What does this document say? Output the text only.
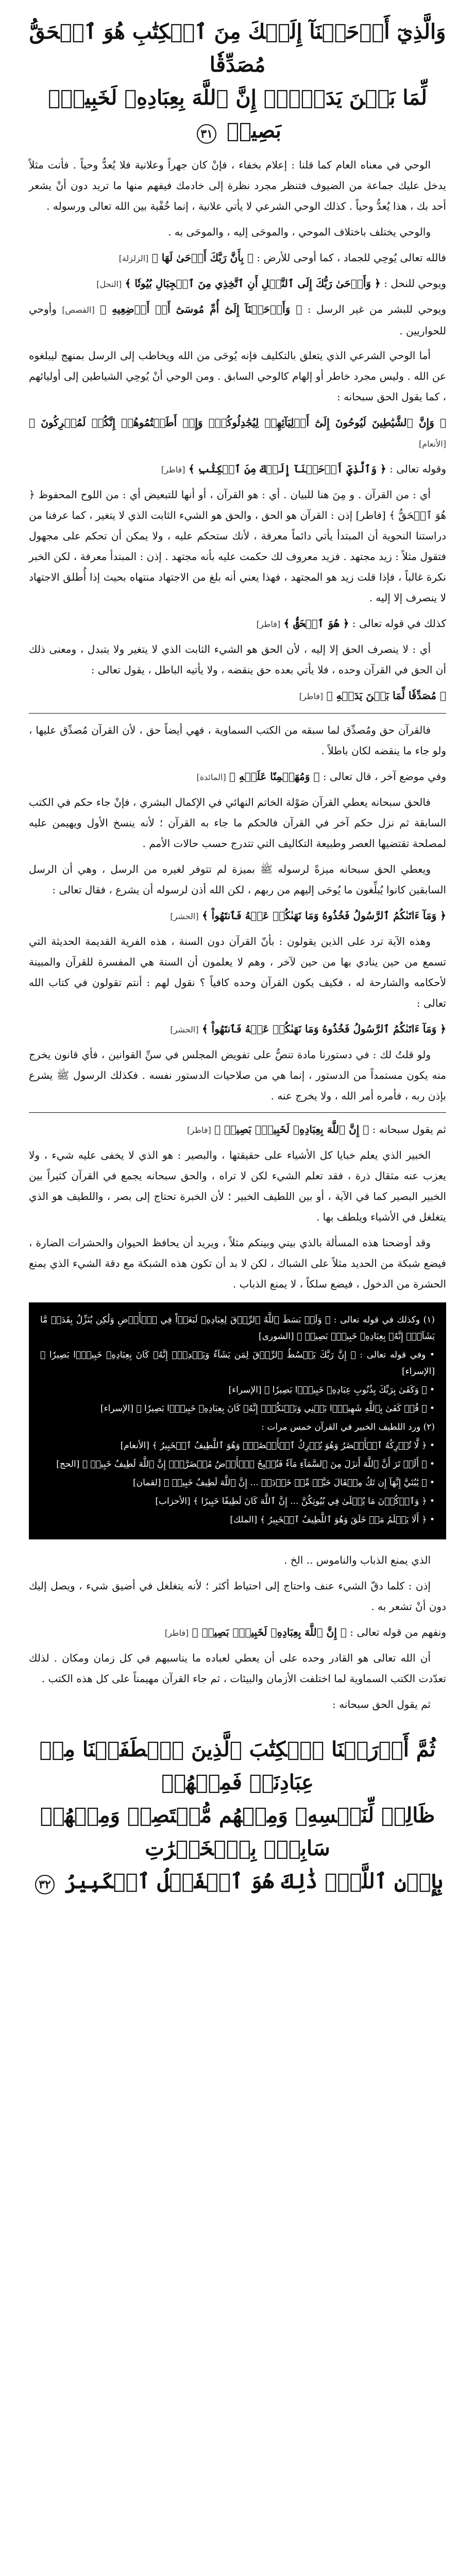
وَالَّذِيٓ أَوۡحَيۡنَآ إِلَيۡكَ مِنَ ٱلۡكِتَٰبِ هُوَ ٱلۡحَقُّ مُصَدِّقٗا
لِّمَا بَيۡنَ يَدَيۡهِۗ إِنَّ ٱللَّهَ بِعِبَادِهِۦ لَخَبِيرُۢ بَصِيرٞ ٣١

الوحي في معناه العام كما قلنا : إعلام بخفاء ، فإنْ كان جهراً وعلانية فلا يُعدُّ وحياً . فأنت مثلاً يدخل عليك جماعة من الضيوف فتنظر مجرد نظرة إلى خادمك فيفهم منها ما تريد دون أنْ يشعر أحد بك ، هذا يُعدُّ وحياً . كذلك الوحي الشرعي لا يأتي علانية ، إنما خُفْية بين الله تعالى ورسوله .

والوحي يختلف باختلاف الموحي ، والموحَى إليه ، والموحَى به .

فالله تعالى يُوحِي للجماد ، كما أوحى للأرض : ﴿ بِأَنَّ رَبَّكَ أَوۡحَىٰ لَهَا ﴾ [الزلزلة]

ويوحي للنحل : ﴿ وَأَوۡحَىٰ رَبُّكَ إِلَى ٱلنَّحۡلِ أَنِ ٱتَّخِذِي مِنَ ٱلۡجِبَالِ بُيُوتٗا ﴾ [النحل]

ويوحي للبشر من غير الرسل : ﴿ وَأَوۡحَيۡنَآ إِلَىٰٓ أُمِّ مُوسَىٰٓ أَنۡ أَرۡضِعِيهِ ﴾ [القصص] وأوحي للحواريين .

أما الوحي الشرعي الذي يتعلق بالتكليف فإنه يُوحَى من الله ويخاطب إلى الرسل بمنهج ليبلغوه عن الله . وليس مجرد خاطر أو إلهام كالوحي السابق . ومن الوحي أنْ يُوحِي الشياطين إلى أوليائهم ، كما يقول الحق سبحانه :

﴿ وَإِنَّ ٱلشَّيَٰطِينَ لَيُوحُونَ إِلَىٰٓ أَوۡلِيَآئِهِمۡ لِيُجَٰدِلُوكُمۡۖ وَإِنۡ أَطَعۡتُمُوهُمۡ إِنَّكُمۡ لَمُشۡرِكُونَ ﴾ [الأنعام]

وقوله تعالى : ﴿ وَٱلَّذِيٓ أَوۡحَيۡنَآ إِلَيۡكَ مِنَ ٱلۡكِتَٰبِ ﴾ [فاطر]

أي : من القرآن . و مِنَ هنا للبيان . أي : هو القرآن ، أو أنها للتبعيض أي : من اللوح المحفوظ ﴿ هُوَ ٱلۡحَقُّ ﴾ [فاطر] إذن : القرآن هو الحق ، والحق هو الشيء الثابت الذي لا يتغير ، كما عرفنا من دراستنا النحوية أن المبتدأ يأتي دائماً معرفة ، لأنك ستحكم عليه ، ولا يمكن أن تحكم على مجهول فتقول مثلاً : زيد مجتهد . فزيد معروف لك حكمت عليه بأنه مجتهد . إذن : المبتدأ معرفة ، لكن الخبر نكرة غالباً ، فإذا قلت زيد هو المجتهد ، فهذا يعني أنه بلغ من الاجتهاد منتهاه بحيث إذا أُطلق الاجتهاد لا ينصرف إلا إليه .

كذلك في قوله تعالى : ﴿ هُوَ ٱلۡحَقُّ ﴾ [فاطر]

أي : لا ينصرف الحق إلا إليه ، لأن الحق هو الشيء الثابت الذي لا يتغير ولا يتبدل ، ومعنى ذلك أن الحق في القرآن وحده ، فلا يأتي بعده حق ينقضه ، ولا يأتيه الباطل ، يقول تعالى :

﴿ مُصَدِّقٗا لِّمَا بَيۡنَ يَدَيۡهِ ﴾ [فاطر]

فالقرآن حق ومُصدِّق لما سبقه من الكتب السماوية ، فهي أيضاً حق ، لأن القرآن مُصدِّق عليها ، ولو جاء ما ينقضه لكان باطلاً .

وفي موضع آخر ، قال تعالى : ﴿ وَمُهَيۡمِنًا عَلَيۡهِ ﴾ [المائدة]

فالحق سبحانه يعطي القرآن صَوْلة الخاتم النهائي في الإكمال البشري ، فإنْ جاء حكم في الكتب السابقة ثم نزل حكم آخر في القرآن فالحكم ما جاء به القرآن ؛ لأنه ينسخ الأول ويهيمن عليه لمصلحة تقتضيها العصر وطبيعة التكاليف التي تتدرج حسب حالات الأمم .

ويعطي الحق سبحانه ميزةً لرسوله ﷺ بميزة لم تتوفر لغيره من الرسل ، وهي أن الرسل السابقين كانوا يُبلِّغون ما يُوحَى إليهم من ربهم ، لكن الله أذن لرسوله أن يشرع ، فقال تعالى :

﴿ وَمَآ ءَاتَىٰكُمُ ٱلرَّسُولُ فَخُذُوهُ وَمَا نَهَىٰكُمۡ عَنۡهُ فَٱنتَهُواْ ﴾ [الحشر]

وهذه الآية ترد على الذين يقولون : بأنّ القرآن دون السنة ، هذه الفرية القديمة الحديثة التي تسمع من حين ينادي بها من حين لآخر ، وهم لا يعلمون أن السنة هي المفسرة للقرآن والمبينة لأحكامه والشارحة له ، فكيف يكون القرآن وحده كافياً ؟ نقول لهم : أنتم تقولون في كتاب الله تعالى :

﴿ وَمَآ ءَاتَىٰكُمُ ٱلرَّسُولُ فَخُذُوهُ وَمَا نَهَىٰكُمۡ عَنۡهُ فَٱنتَهُواْ ﴾ [الحشر]

ولو قلتُ لك : في دستورنا مادة تنصُّ على تفويض المجلس في سنِّ القوانين ، فأي قانون يخرج منه يكون مستمداً من الدستور ، إنما هي من صلاحيات الدستور نفسه . فكذلك الرسول ﷺ يشرع بإذن ربه ، فأمره أمر الله ، ولا يخرج عنه .

ثم يقول سبحانه : ﴿ إِنَّ ٱللَّهَ بِعِبَادِهِۦ لَخَبِيرُۢ بَصِيرٞ ﴾ [فاطر]

الخبير الذي يعلم خبايا كل الأشياء على حقيقتها ، والبصير : هو الذي لا يخفى عليه شيء ، ولا يعزب عنه مثقال ذرة ، فقد تعلم الشيء لكن لا تراه ، والحق سبحانه يجمع في القرآن كثيراً بين الخبير البصير كما في الآية ، أو بين اللطيف الخبير ؛ لأن الخبرة تحتاج إلى بصر ، واللطيف هو الذي يتغلغل في الأشياء ويلطف بها .

وقد أوضحنا هذه المسألة بالذي بيني وبينكم مثلاً ، ويريد أن يحافظ الحيوان والحشرات الضارة ، فيضع شبكة من الحديد مثلاً على الشباك ، لكن لا بد أن تكون هذه الشبكة مع دقة الشيء الذي يمنع الحشرة من الدخول ، فيضع سلكاً ، لا يمنع الذباب .

(١) وكذلك في قوله تعالى : ﴿ وَلَوۡ بَسَطَ ٱللَّهُ ٱلرِّزۡقَ لِعِبَادِهِۦ لَبَغَوۡاْ فِي ٱلۡأَرۡضِ وَلَٰكِن يُنَزِّلُ بِقَدَرٖ مَّا يَشَآءُۚ إِنَّهُۥ بِعِبَادِهِۦ خَبِيرُۢ بَصِيرٞ ﴾ [الشورى]

• وفي قوله تعالى : ﴿ إِنَّ رَبَّكَ يَبۡسُطُ ٱلرِّزۡقَ لِمَن يَشَآءُ وَيَقۡدِرُۚ إِنَّهُۥ كَانَ بِعِبَادِهِۦ خَبِيرَۢا بَصِيرٗا ﴾ [الإسراء]

• ﴿ وَكَفَىٰ بِرَبِّكَ بِذُنُوبِ عِبَادِهِۦ خَبِيرَۢا بَصِيرٗا ﴾ [الإسراء]

• ﴿ قُلۡ كَفَىٰ بِٱللَّهِ شَهِيدَۢا بَيۡنِي وَبَيۡنَكُمۡۚ إِنَّهُۥ كَانَ بِعِبَادِهِۦ خَبِيرَۢا بَصِيرٗا ﴾ [الإسراء]

(٢) ورد اللطيف الخبير في القرآن خمس مرات :

• ﴿ لَّا تُدۡرِكُهُ ٱلۡأَبۡصَٰرُ وَهُوَ يُدۡرِكُ ٱلۡأَبۡصَٰرَۖ وَهُوَ ٱللَّطِيفُ ٱلۡخَبِيرُ ﴾ [الأنعام]

• ﴿ أَلَمۡ تَرَ أَنَّ ٱللَّهَ أَنزَلَ مِنَ ٱلسَّمَآءِ مَآءٗ فَتُصۡبِحُ ٱلۡأَرۡضُ مُخۡضَرَّةًۚ إِنَّ ٱللَّهَ لَطِيفٌ خَبِيرٞ ﴾ [الحج]

• ﴿ يَٰبُنَيَّ إِنَّهَآ إِن تَكُ مِثۡقَالَ حَبَّةٖ مِّنۡ خَرۡدَلٖ ... إِنَّ ٱللَّهَ لَطِيفٌ خَبِيرٞ ﴾ [لقمان]

• ﴿ وَٱذۡكُرۡنَ مَا يُتۡلَىٰ فِي بُيُوتِكُنَّ ... إِنَّ ٱللَّهَ كَانَ لَطِيفًا خَبِيرًا ﴾ [الأحزاب]

• ﴿ أَلَا يَعۡلَمُ مَنۡ خَلَقَ وَهُوَ ٱللَّطِيفُ ٱلۡخَبِيرُ ﴾ [الملك]

الذي يمنع الذباب والناموس .. الخ .

إذن : كلما دقّ الشيء عنف واحتاج إلى احتياط أكثر ؛ لأنه يتغلغل في أضيق شيء ، ويصل إليك دون أنْ تشعر به .

ونفهم من قوله تعالى : ﴿ إِنَّ ٱللَّهَ بِعِبَادِهِۦ لَخَبِيرُۢ بَصِيرٞ ﴾ [فاطر]

أن الله تعالى هو القادر وحده على أن يعطي لعباده ما يناسبهم في كل زمان ومكان . لذلك تعدّدت الكتب السماوية لما اختلفت الأزمان والبيئات ، ثم جاء القرآن مهيمناً على كل هذه الكتب .

ثم يقول الحق سبحانه :

ثُمَّ أَوۡرَثۡنَا ٱلۡكِتَٰبَ ٱلَّذِينَ ٱصۡطَفَيۡنَا مِنۡ عِبَادِنَاۖ فَمِنۡهُمۡ
ظَالِمٞ لِّنَفۡسِهِۦ وَمِنۡهُم مُّقۡتَصِدٞ وَمِنۡهُمۡ سَابِقُۢ بِٱلۡخَيۡرَٰتِ
بِإِذۡنِ ٱللَّهِۚ ذَٰلِكَ هُوَ ٱلۡفَضۡلُ ٱلۡكَبِيرُ ٣٢
